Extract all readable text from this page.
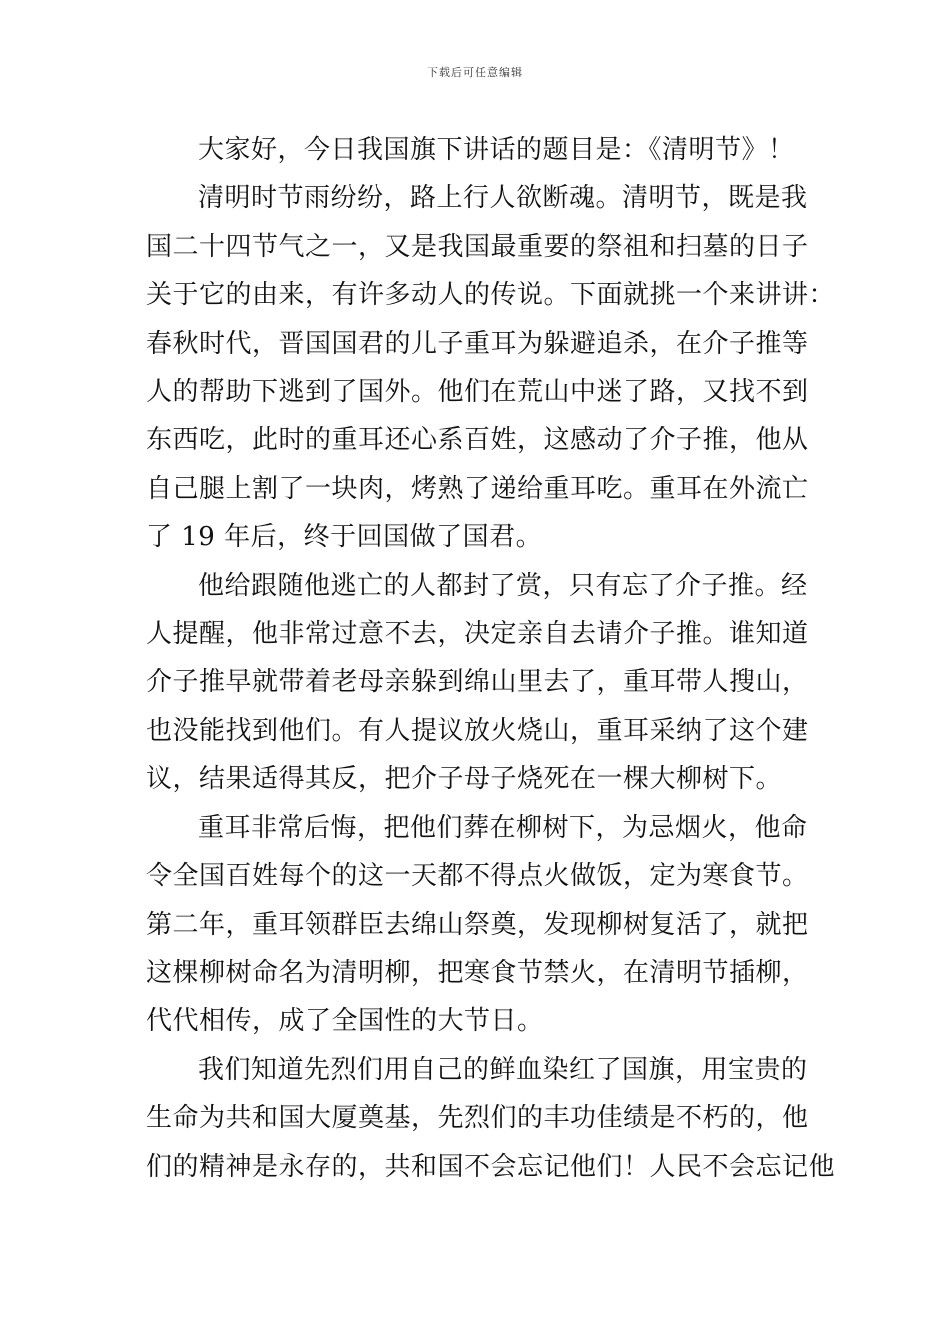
下载后可任意编辑

大家好，今日我国旗下讲话的题目是：《清明节》！

清明时节雨纷纷，路上行人欲断魂。清明节，既是我
国二十四节气之一，又是我国最重要的祭祖和扫墓的日子
关于它的由来，有许多动人的传说。下面就挑一个来讲讲：
春秋时代，晋国国君的儿子重耳为躲避追杀，在介子推等
人的帮助下逃到了国外。他们在荒山中迷了路，又找不到
东西吃，此时的重耳还心系百姓，这感动了介子推，他从
自己腿上割了一块肉，烤熟了递给重耳吃。重耳在外流亡
了 19 年后，终于回国做了国君。

他给跟随他逃亡的人都封了赏，只有忘了介子推。经
人提醒，他非常过意不去，决定亲自去请介子推。谁知道
介子推早就带着老母亲躲到绵山里去了，重耳带人搜山，
也没能找到他们。有人提议放火烧山，重耳采纳了这个建
议，结果适得其反，把介子母子烧死在一棵大柳树下。

重耳非常后悔，把他们葬在柳树下，为忌烟火，他命
令全国百姓每个的这一天都不得点火做饭，定为寒食节。
第二年，重耳领群臣去绵山祭奠，发现柳树复活了，就把
这棵柳树命名为清明柳，把寒食节禁火，在清明节插柳，
代代相传，成了全国性的大节日。

我们知道先烈们用自己的鲜血染红了国旗，用宝贵的
生命为共和国大厦奠基，先烈们的丰功佳绩是不朽的，他
们的精神是永存的，共和国不会忘记他们！人民不会忘记他
